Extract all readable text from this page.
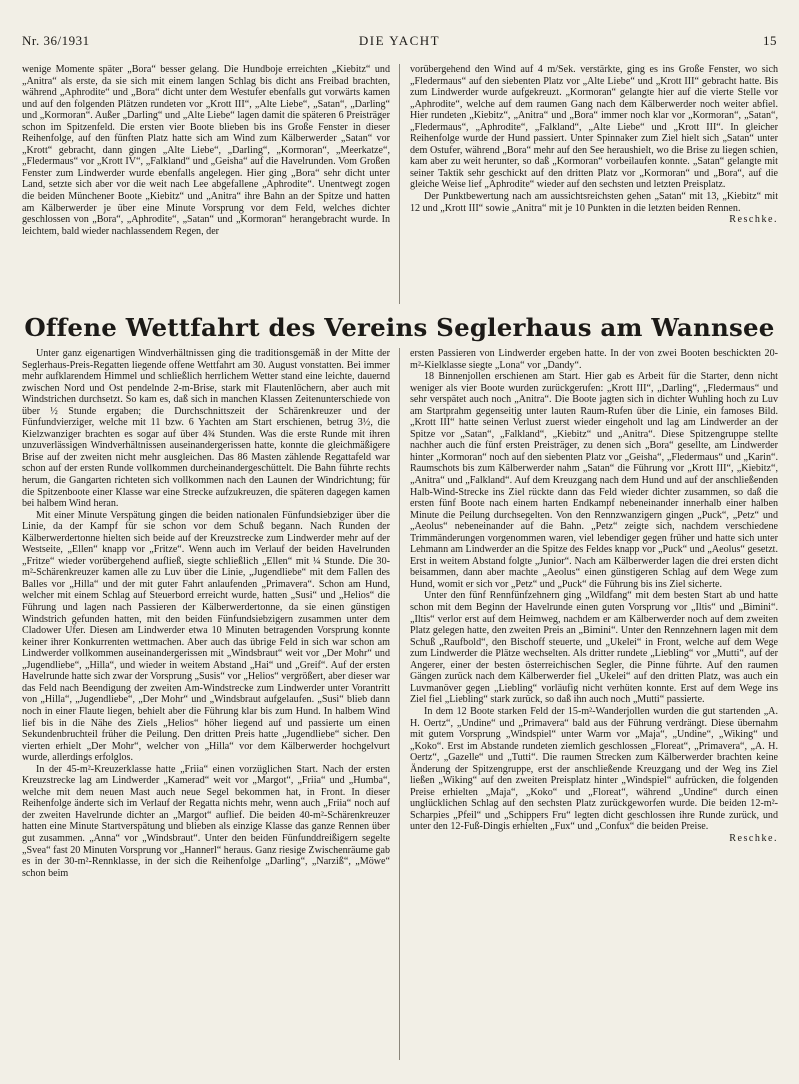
Nr. 36/1931	DIE YACHT	15

wenige Momente später „Bora“ besser gelang. Die Hundboje erreichten „Kiebitz“ und „Anitra“ als erste, da sie sich mit einem langen Schlag bis dicht ans Freibad brachten, während „Aphrodite“ und „Bora“ dicht unter dem Westufer ebenfalls gut vorwärts kamen und auf den folgenden Plätzen rundeten vor „Krott III“, „Alte Liebe“, „Satan“, „Darling“ und „Kormoran“. Außer „Darling“ und „Alte Liebe“ lagen damit die späteren 6 Preisträger schon im Spitzenfeld. Die ersten vier Boote blieben bis ins Große Fenster in dieser Reihenfolge, auf den fünften Platz hatte sich am Wind zum Kälberwerder „Satan“ vor „Krott“ gebracht, dann gingen „Alte Liebe“, „Darling“, „Kormoran“, „Meerkatze“, „Fledermaus“ vor „Krott IV“, „Falkland“ und „Geisha“ auf die Havelrunden. Vom Großen Fenster zum Lindwerder wurde ebenfalls angelegen. Hier ging „Bora“ sehr dicht unter Land, setzte sich aber vor die weit nach Lee abgefallene „Aphrodite“. Unentwegt zogen die beiden Münchener Boote „Kiebitz“ und „Anitra“ ihre Bahn an der Spitze und hatten am Kälberwerder je über eine Minute Vorsprung vor dem Feld, welches dichter geschlossen von „Bora“, „Aphrodite“, „Satan“ und „Kormoran“ herangebracht wurde. In leichtem, bald wieder nachlassendem Regen, der

vorübergehend den Wind auf 4 m/Sek. verstärkte, ging es ins Große Fenster, wo sich „Fledermaus“ auf den siebenten Platz vor „Alte Liebe“ und „Krott III“ gebracht hatte. Bis zum Lindwerder wurde aufgekreuzt. „Kormoran“ gelangte hier auf die vierte Stelle vor „Aphrodite“, welche auf dem raumen Gang nach dem Kälberwerder noch weiter abfiel. Hier rundeten „Kiebitz“, „Anitra“ und „Bora“ immer noch klar vor „Kormoran“, „Satan“, „Fledermaus“, „Aphrodite“, „Falkland“, „Alte Liebe“ und „Krott III“. In gleicher Reihenfolge wurde der Hund passiert. Unter Spinnaker zum Ziel hielt sich „Satan“ unter dem Ostufer, während „Bora“ mehr auf den See heraushielt, wo die Brise zu liegen schien, kam aber zu weit herunter, so daß „Kormoran“ vorbeilaufen konnte. „Satan“ gelangte mit seiner Taktik sehr geschickt auf den dritten Platz vor „Kormoran“ und „Bora“, auf die gleiche Weise lief „Aphrodite“ wieder auf den sechsten und letzten Preisplatz.

Der Punktbewertung nach am aussichtsreichsten gehen „Satan“ mit 13, „Kiebitz“ mit 12 und „Krott III“ sowie „Anitra“ mit je 10 Punkten in die letzten beiden Rennen.

Reschke.

Offene Wettfahrt des Vereins Seglerhaus am Wannsee

Unter ganz eigenartigen Windverhältnissen ging die traditionsgemäß in der Mitte der Seglerhaus-Preis-Regatten liegende offene Wettfahrt am 30. August vonstatten. Bei immer mehr aufklarendem Himmel und schließlich herrlichem Wetter stand eine leichte, dauernd zwischen Nord und Ost pendelnde 2-m-Brise, stark mit Flautenlöchern, aber auch mit Windstrichen durchsetzt. So kam es, daß sich in manchen Klassen Zeitenunterschiede von über ½ Stunde ergaben; die Durchschnittszeit der Schärenkreuzer und der Fünfundvierziger, welche mit 11 bzw. 6 Yachten am Start erschienen, betrug 3½, die Kielzwanziger brachten es sogar auf über 4¾ Stunden. Was die erste Runde mit ihren unzuverlässigen Windverhältnissen auseinandergerissen hatte, konnte die gleichmäßigere Brise auf der zweiten nicht mehr ausgleichen. Das 86 Masten zählende Regattafeld war schon auf der ersten Runde vollkommen durcheinandergeschüttelt. Die Bahn führte rechts herum, die Gangarten richteten sich vollkommen nach den Launen der Windrichtung; für die Spitzenboote einer Klasse war eine Strecke aufzukreuzen, die späteren dagegen kamen bei halbem Wind heran.

Mit einer Minute Verspätung gingen die beiden nationalen Fünfundsiebziger über die Linie, da der Kampf für sie schon vor dem Schuß begann. Nach Runden der Kälberwerdertonne hielten sich beide auf der Kreuzstrecke zum Lindwerder mehr auf der Westseite, „Ellen“ knapp vor „Fritze“. Wenn auch im Verlauf der beiden Havelrunden „Fritze“ wieder vorübergehend aufließ, siegte schließlich „Ellen“ mit ¼ Stunde. Die 30-m²-Schärenkreuzer kamen alle zu Luv über die Linie, „Jugendliebe“ mit dem Fallen des Balles vor „Hilla“ und der mit guter Fahrt anlaufenden „Primavera“. Schon am Hund, welcher mit einem Schlag auf Steuerbord erreicht wurde, hatten „Susi“ und „Helios“ die Führung und lagen nach Passieren der Kälberwerdertonne, da sie einen günstigen Windstrich gefunden hatten, mit den beiden Fünfundsiebzigern zusammen unter dem Cladower Ufer. Diesen am Lindwerder etwa 10 Minuten betragenden Vorsprung konnte keiner ihrer Konkurrenten wettmachen. Aber auch das übrige Feld in sich war schon am Lindwerder vollkommen auseinandergerissen mit „Windsbraut“ weit vor „Der Mohr“ und „Jugendliebe“, „Hilla“, und wieder in weitem Abstand „Hai“ und „Greif“. Auf der ersten Havelrunde hatte sich zwar der Vorsprung „Susis“ vor „Helios“ vergrößert, aber dieser war das Feld nach Beendigung der zweiten Am-Windstrecke zum Lindwerder unter Vorantritt von „Hilla“, „Jugendliebe“, „Der Mohr“ und „Windsbraut aufgelaufen. „Susi“ blieb dann noch in einer Flaute liegen, behielt aber die Führung klar bis zum Hund. In halbem Wind lief bis in die Nähe des Ziels „Helios“ höher liegend auf und passierte um einen Sekundenbruchteil früher die Peilung. Den dritten Preis hatte „Jugendliebe“ sicher. Den vierten erhielt „Der Mohr“, welcher von „Hilla“ vor dem Kälberwerder hochgelvurt wurde, allerdings erfolglos.

In der 45-m²-Kreuzerklasse hatte „Friia“ einen vorzüglichen Start. Nach der ersten Kreuzstrecke lag am Lindwerder „Kamerad“ weit vor „Margot“, „Friia“ und „Humba“, welche mit dem neuen Mast auch neue Segel bekommen hat, in Front. In dieser Reihenfolge änderte sich im Verlauf der Regatta nichts mehr, wenn auch „Friia“ noch auf der zweiten Havelrunde dichter an „Margot“ auflief. Die beiden 40-m²-Schärenkreuzer hatten eine Minute Startverspätung und blieben als einzige Klasse das ganze Rennen über gut zusammen. „Anna“ vor „Windsbraut“. Unter den beiden Fünfunddreißigern segelte „Svea“ fast 20 Minuten Vorsprung vor „Hannerl“ heraus. Ganz riesige Zwischenräume gab es in der 30-m²-Rennklasse, in der sich die Reihenfolge „Darling“, „Narziß“, „Möwe“ schon beim

ersten Passieren von Lindwerder ergeben hatte. In der von zwei Booten beschickten 20-m²-Kielklasse siegte „Lona“ vor „Dandy“.

18 Binnenjollen erschienen am Start. Hier gab es Arbeit für die Starter, denn nicht weniger als vier Boote wurden zurückgerufen: „Krott III“, „Darling“, „Fledermaus“ und sehr verspätet auch noch „Anitra“. Die Boote jagten sich in dichter Wuhling hoch zu Luv am Startprahm gegenseitig unter lauten Raum-Rufen über die Linie, ein famoses Bild. „Krott III“ hatte seinen Verlust zuerst wieder eingeholt und lag am Lindwerder an der Spitze vor „Satan“, „Falkland“, „Kiebitz“ und „Anitra“. Diese Spitzengruppe stellte nachher auch die fünf ersten Preisträger, zu denen sich „Bora“ gesellte, am Lindwerder hinter „Kormoran“ noch auf den siebenten Platz vor „Geisha“, „Fledermaus“ und „Karin“. Raumschots bis zum Kälberwerder nahm „Satan“ die Führung vor „Krott III“, „Kiebitz“, „Anitra“ und „Falkland“. Auf dem Kreuzgang nach dem Hund und auf der anschließenden Halb-Wind-Strecke ins Ziel rückte dann das Feld wieder dichter zusammen, so daß die ersten fünf Boote nach einem harten Endkampf nebeneinander innerhalb einer halben Minute die Peilung durchsegelten. Von den Rennzwanzigern gingen „Puck“, „Petz“ und „Aeolus“ nebeneinander auf die Bahn. „Petz“ zeigte sich, nachdem verschiedene Trimmänderungen vorgenommen waren, viel lebendiger gegen früher und hatte sich unter Lehmann am Lindwerder an die Spitze des Feldes knapp vor „Puck“ und „Aeolus“ gesetzt. Erst in weitem Abstand folgte „Junior“. Nach am Kälberwerder lagen die drei ersten dicht beisammen, dann aber machte „Aeolus“ einen günstigeren Schlag auf dem Wege zum Hund, womit er sich vor „Petz“ und „Puck“ die Führung bis ins Ziel sicherte.

Unter den fünf Rennfünfzehnern ging „Wildfang“ mit dem besten Start ab und hatte schon mit dem Beginn der Havelrunde einen guten Vorsprung vor „Iltis“ und „Bimini“. „Iltis“ verlor erst auf dem Heimweg, nachdem er am Kälberwerder noch auf dem zweiten Platz gelegen hatte, den zweiten Preis an „Bimini“. Unter den Rennzehnern lagen mit dem Schuß „Raufbold“, den Bischoff steuerte, und „Ukelei“ in Front, welche auf dem Wege zum Lindwerder die Plätze wechselten. Als dritter rundete „Liebling“ vor „Mutti“, auf der Angerer, einer der besten österreichischen Segler, die Pinne führte. Auf den raumen Gängen zurück nach dem Kälberwerder fiel „Ukelei“ auf den dritten Platz, was auch ein Luvmanöver gegen „Liebling“ vorläufig nicht verhüten konnte. Erst auf dem Wege ins Ziel fiel „Liebling“ stark zurück, so daß ihn auch noch „Mutti“ passierte.

In dem 12 Boote starken Feld der 15-m²-Wanderjollen wurden die gut startenden „A. H. Oertz“, „Undine“ und „Primavera“ bald aus der Führung verdrängt. Diese übernahm mit gutem Vorsprung „Windspiel“ unter Warm vor „Maja“, „Undine“, „Wiking“ und „Koko“. Erst im Abstande rundeten ziemlich geschlossen „Floreat“, „Primavera“, „A. H. Oertz“, „Gazelle“ und „Tutti“. Die raumen Strecken zum Kälberwerder brachten keine Änderung der Spitzengruppe, erst der anschließende Kreuzgang und der Weg ins Ziel ließen „Wiking“ auf den zweiten Preisplatz hinter „Windspiel“ aufrücken, die folgenden Preise erhielten „Maja“, „Koko“ und „Floreat“, während „Undine“ durch einen unglücklichen Schlag auf den sechsten Platz zurückgeworfen wurde. Die beiden 12-m²-Scharpies „Pfeil“ und „Schippers Fru“ legten dicht geschlossen ihre Runde zurück, und unter den 12-Fuß-Dingis erhielten „Fux“ und „Confux“ die beiden Preise.

Reschke.
